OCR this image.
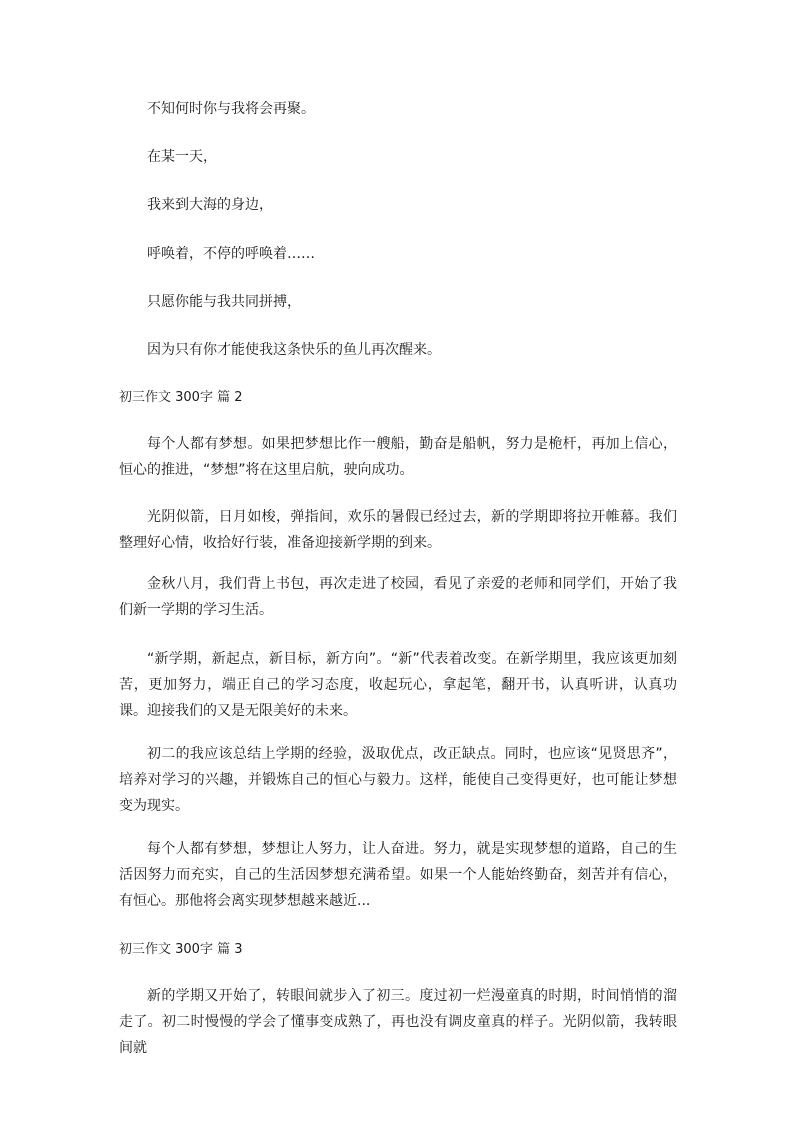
不知何时你与我将会再聚。
在某一天，
我来到大海的身边，
呼唤着，不停的呼唤着……
只愿你能与我共同拼搏，
因为只有你才能使我这条快乐的鱼儿再次醒来。
初三作文 300字 篇 2

每个人都有梦想。如果把梦想比作一艘船，勤奋是船帆，努力是桅杆，再加上信心，恒心的推进，“梦想”将在这里启航，驶向成功。

光阴似箭，日月如梭，弹指间，欢乐的暑假已经过去，新的学期即将拉开帷幕。我们整理好心情，收拾好行装，准备迎接新学期的到来。

金秋八月，我们背上书包，再次走进了校园，看见了亲爱的老师和同学们，开始了我们新一学期的学习生活。

“新学期，新起点，新目标，新方向”。“新”代表着改变。在新学期里，我应该更加刻苦，更加努力，端正自己的学习态度，收起玩心，拿起笔，翻开书，认真听讲，认真功课。迎接我们的又是无限美好的未来。

初二的我应该总结上学期的经验，汲取优点，改正缺点。同时，也应该“见贤思齐”，培养对学习的兴趣，并锻炼自己的恒心与毅力。这样，能使自己变得更好，也可能让梦想变为现实。

每个人都有梦想，梦想让人努力，让人奋进。努力，就是实现梦想的道路，自己的生活因努力而充实，自己的生活因梦想充满希望。如果一个人能始终勤奋，刻苦并有信心，有恒心。那他将会离实现梦想越来越近...

初三作文 300字 篇 3

新的学期又开始了，转眼间就步入了初三。度过初一烂漫童真的时期，时间悄悄的溜走了。初二时慢慢的学会了懂事变成熟了，再也没有调皮童真的样子。光阴似箭，我转眼间就
